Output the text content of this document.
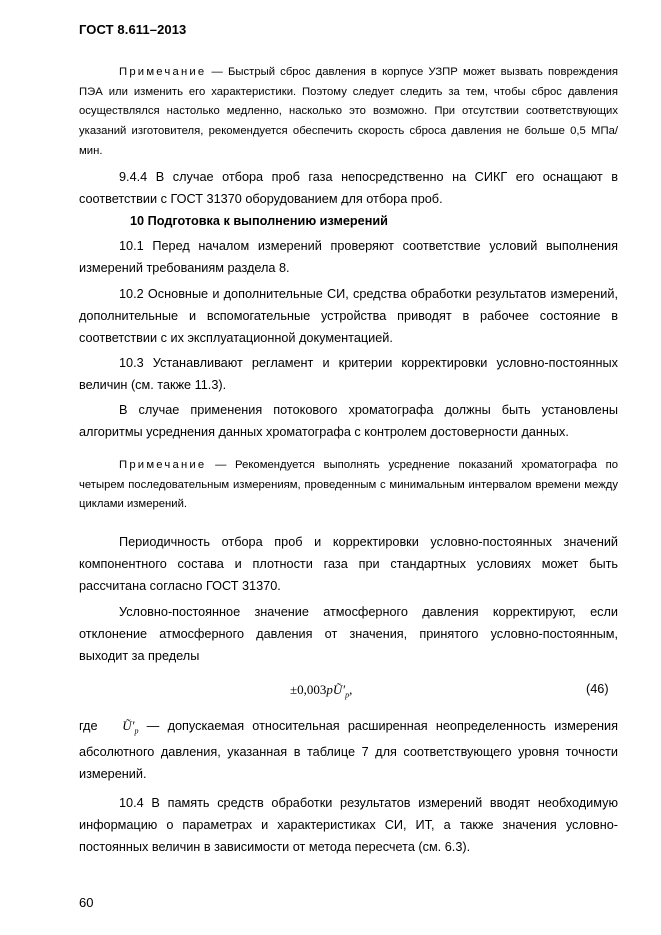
ГОСТ 8.611–2013
Примечание — Быстрый сброс давления в корпусе УЗПР может вызвать повреждения ПЭА или изменить его характеристики. Поэтому следует следить за тем, чтобы сброс давления осуществлялся настолько медленно, насколько это возможно. При отсутствии соответствующих указаний изготовителя, рекомендуется обеспечить скорость сброса давления не больше 0,5 МПа/мин.
9.4.4 В случае отбора проб газа непосредственно на СИКГ его оснащают в соответствии с ГОСТ 31370 оборудованием для отбора проб.
10 Подготовка к выполнению измерений
10.1 Перед началом измерений проверяют соответствие условий выполнения измерений требованиям раздела 8.
10.2 Основные и дополнительные СИ, средства обработки результатов измерений, дополнительные и вспомогательные устройства приводят в рабочее состояние в соответствии с их эксплуатационной документацией.
10.3 Устанавливают регламент и критерии корректировки условно-постоянных величин (см. также 11.3).
В случае применения потокового хроматографа должны быть установлены алгоритмы усреднения данных хроматографа с контролем достоверности данных.
Примечание — Рекомендуется выполнять усреднение показаний хроматографа по четырем последовательным измерениям, проведенным с минимальным интервалом времени между циклами измерений.
Периодичность отбора проб и корректировки условно-постоянных значений компонентного состава и плотности газа при стандартных условиях может быть рассчитана согласно ГОСТ 31370.
Условно-постоянное значение атмосферного давления корректируют, если отклонение атмосферного давления от значения, принятого условно-постоянным, выходит за пределы
$\pm 0,003pŨ'_p$,	(46)
где $Ũ'_p$ — допускаемая относительная расширенная неопределенность измерения абсолютного давления, указанная в таблице 7 для соответствующего уровня точности измерений.
10.4 В память средств обработки результатов измерений вводят необходимую информацию о параметрах и характеристиках СИ, ИТ, а также значения условно-постоянных величин в зависимости от метода пересчета (см. 6.3).
60
